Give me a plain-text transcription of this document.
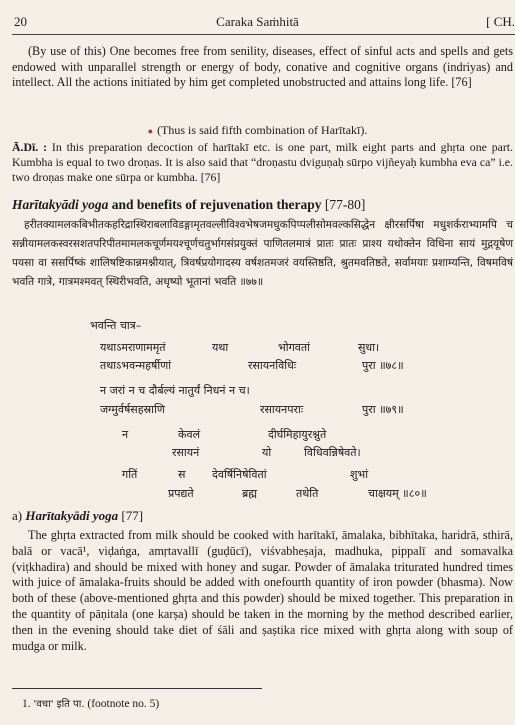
20	Caraka Saṁhitā	[ CH.
(By use of this) One becomes free from senility, diseases, effect of sinful acts and spells and gets endowed with unparallel strength or energy of body, conative and cognitive organs (indriyas) and intellect. All the actions initiated by him get completed unobstructed and attains long life. [76]
● (Thus is said fifth combination of Harītakī).
Ā.Dī. : In this preparation decoction of harītakī etc. is one part, milk eight parts and ghṛta one part. Kumbha is equal to two droṇas. It is also said that “droṇastu dviguṇaḥ sūrpo vijñeyaḥ kumbha eva ca” i.e. two droṇas make one sūrpa or kumbha. [76]
Harītakyādi yoga and benefits of rejuvenation therapy [77-80]
हरीतक्यामलकबिभीतकहरिद्रास्थिराबलाविडङ्गामृतवल्लीविश्वभेषजमधुकपिप्पलीसोमवल्कसिद्धेन क्षीरसर्पिषा मधुशर्कराभ्यामपि च सन्नीयामलकस्वरसशतपरिपीतमामलकचूर्णमयश्चूर्णचतुर्भागसंप्रयुक्तं पाणितलमात्रं प्रातः प्रातः प्राश्य यथोक्तेन विधिना सायं मुद्गयूषेण पयसा वा ससर्पिष्कं शालिषष्टिकान्नमश्नीयात्, त्रिवर्षप्रयोगादस्य वर्षशतमजरं वयस्तिष्ठति, श्रुतमवतिष्ठते, सर्वामयाः प्रशाम्यन्ति, विषमविषं भवति गात्रे, गात्रमश्मवत् स्थिरीभवति, अधृष्यो भूतानां भवति ॥७७॥
भवन्ति चात्र–
यथाऽमराणाममृतं	यथा	भोगवतां	सुधा।
तथाऽभवन्महर्षीणां	रसायनविधिः	पुरा ॥७८॥
न जरां न च दौर्बल्यं नातुर्यं निधनं न च।
जग्मुर्वर्षसहस्राणि	रसायनपराः	पुरा ॥७९॥
न	केवलं	दीर्घमिहायुरश्नुते
रसायनं	यो	विधिवन्निषेवते।
गतिं	स देवर्षिनिषेवितां	शुभां
प्रपद्यते	ब्रह्म	तथेति	चाक्षयम् ॥८०॥
a) Harītakyādi yoga [77]
The ghṛta extracted from milk should be cooked with harītakī, āmalaka, bibhītaka, haridrā, sthirā, balā or vacā¹, viḍaṅga, amṛtavallī (guḍūcī), viśvabheṣaja, madhuka, pippalī and somavalka (viṭkhadira) and should be mixed with honey and sugar. Powder of āmalaka triturated hundred times with juice of āmalaka-fruits should be added with onefourth quantity of iron powder (bhasma). Now both of these (above-mentioned ghṛta and this powder) should be mixed together. This preparation in the quantity of pāṇitala (one karṣa) should be taken in the morning by the method described earlier, then in the evening should take diet of śāli and ṣaṣtika rice mixed with ghṛta along with soup of mudga or milk.
1. 'वचा' इति पा. (footnote no. 5)
